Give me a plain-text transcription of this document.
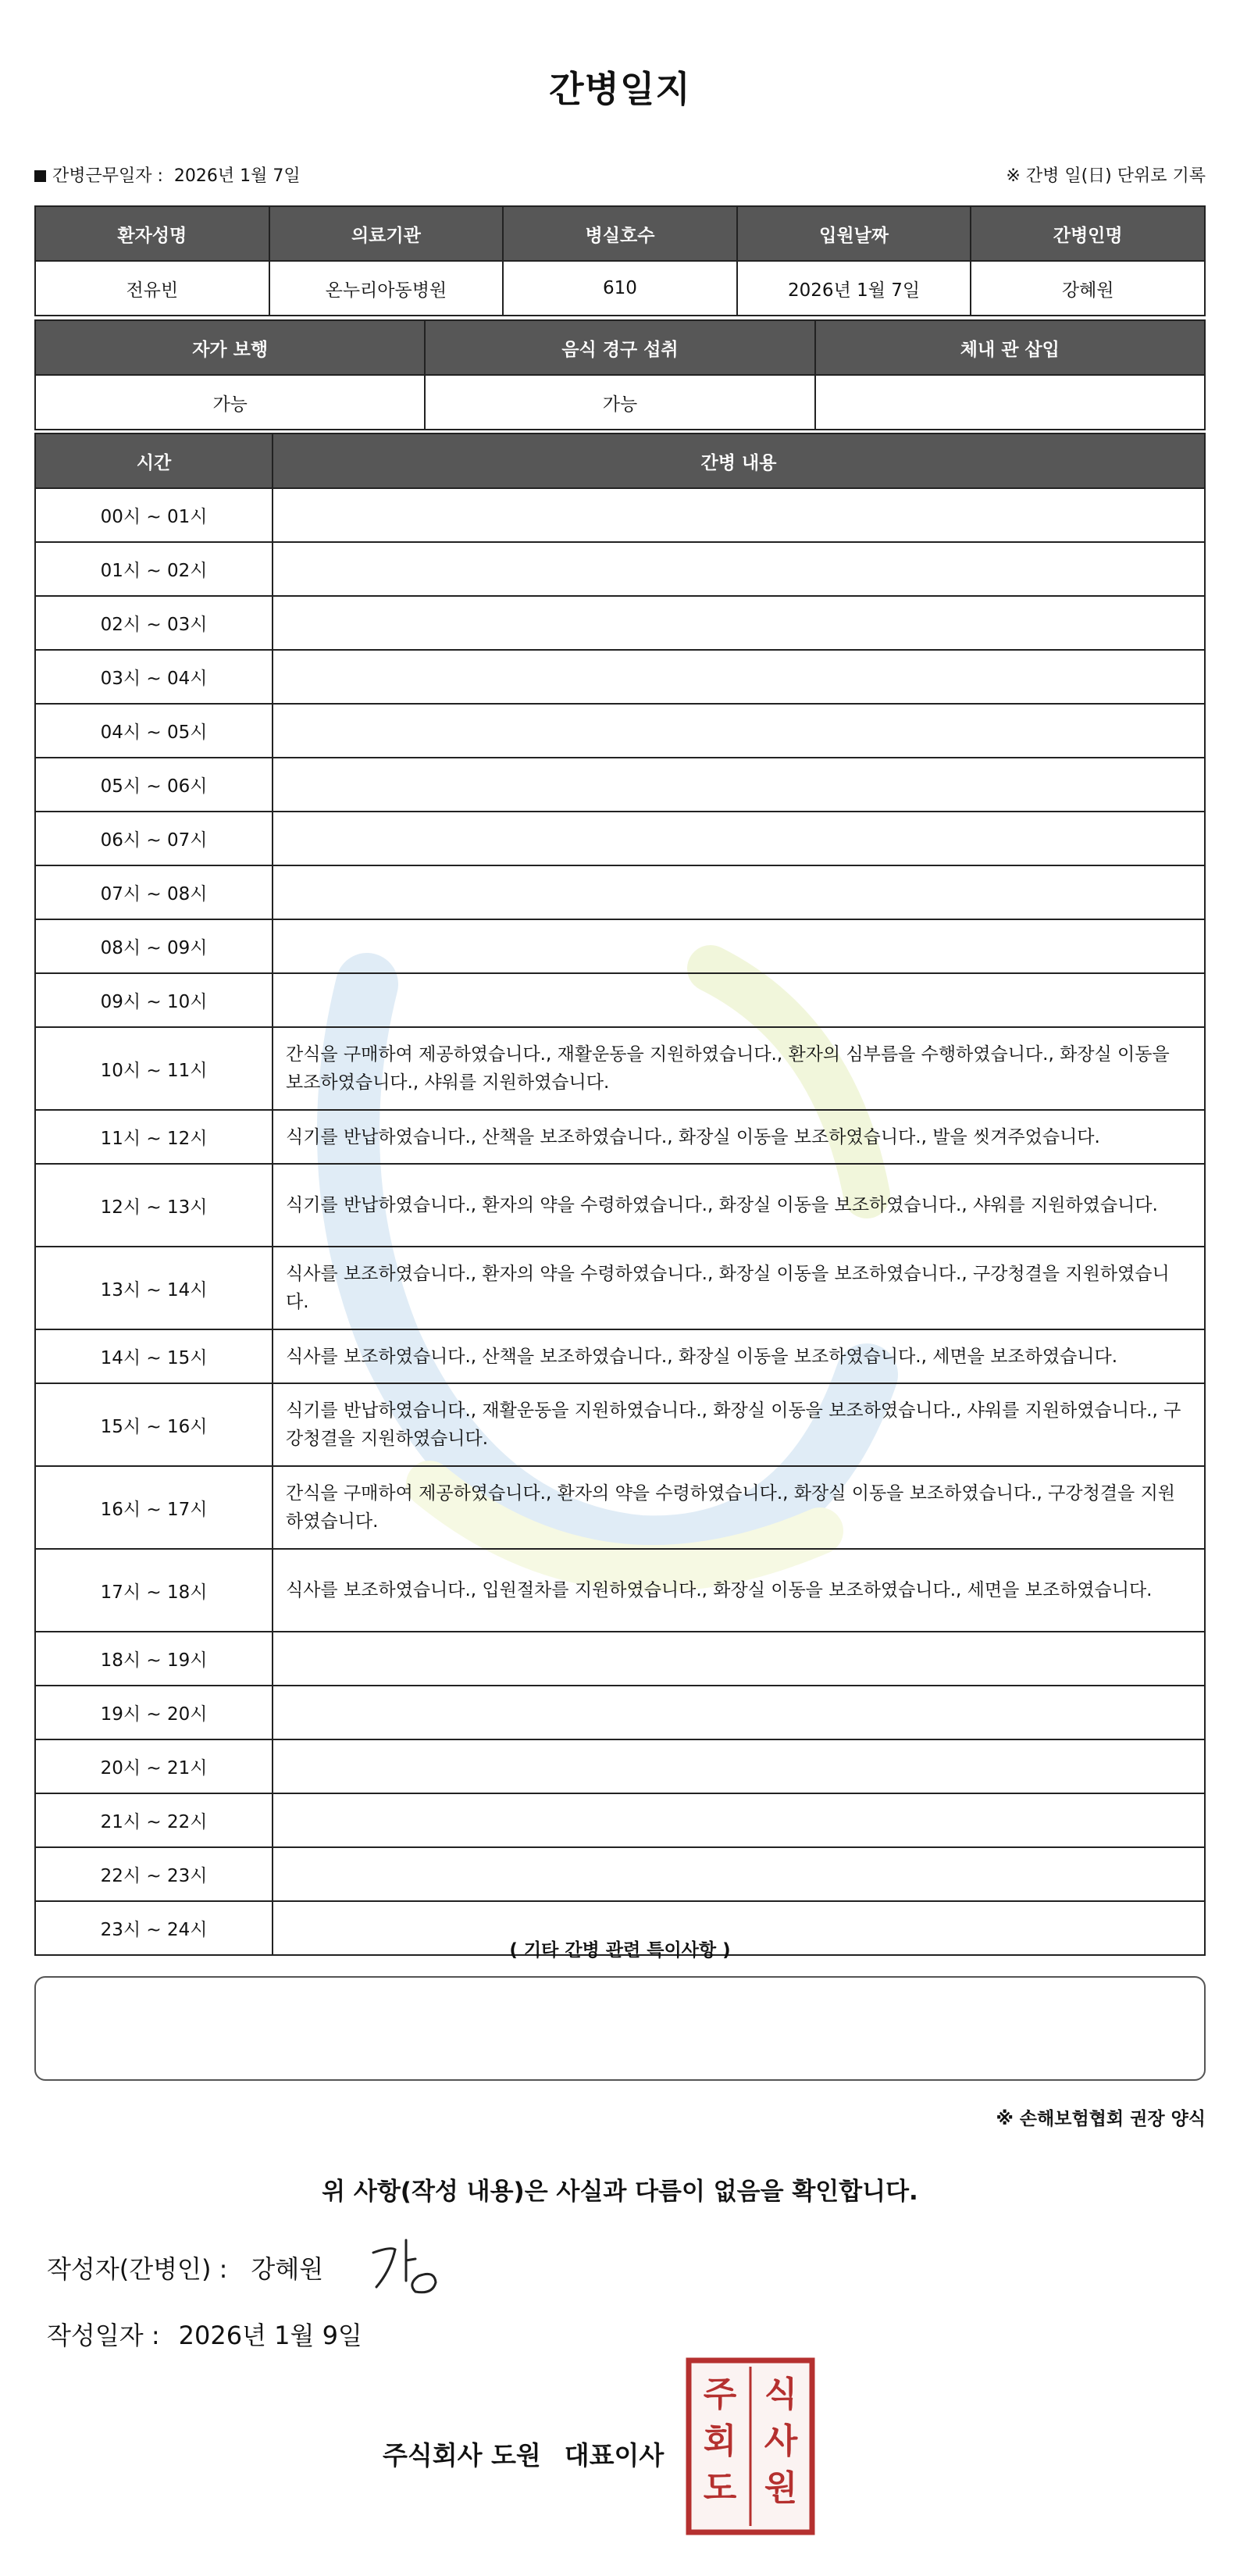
간병일지
간병근무일자 : 2026년 1월 7일	※ 간병 일(日) 단위로 기록
환자성명	의료기관	병실호수	입원날짜	간병인명
전유빈	온누리아동병원	610	2026년 1월 7일	강혜원
자가 보행	음식 경구 섭취	체내 관 삽입
가능	가능	
시간	간병 내용
00시 ~ 01시	
01시 ~ 02시	
02시 ~ 03시	
03시 ~ 04시	
04시 ~ 05시	
05시 ~ 06시	
06시 ~ 07시	
07시 ~ 08시	
08시 ~ 09시	
09시 ~ 10시	
10시 ~ 11시	간식을 구매하여 제공하였습니다., 재활운동을 지원하였습니다., 환자의 심부름을 수행하였습니다., 화장실 이동을 보조하였습니다., 샤워를 지원하였습니다.
11시 ~ 12시	식기를 반납하였습니다., 산책을 보조하였습니다., 화장실 이동을 보조하였습니다., 발을 씻겨주었습니다.
12시 ~ 13시	식기를 반납하였습니다., 환자의 약을 수령하였습니다., 화장실 이동을 보조하였습니다., 샤워를 지원하였습니다.
13시 ~ 14시	식사를 보조하였습니다., 환자의 약을 수령하였습니다., 화장실 이동을 보조하였습니다., 구강청결을 지원하였습니다.
14시 ~ 15시	식사를 보조하였습니다., 산책을 보조하였습니다., 화장실 이동을 보조하였습니다., 세면을 보조하였습니다.
15시 ~ 16시	식기를 반납하였습니다., 재활운동을 지원하였습니다., 화장실 이동을 보조하였습니다., 샤워를 지원하였습니다., 구강청결을 지원하였습니다.
16시 ~ 17시	간식을 구매하여 제공하였습니다., 환자의 약을 수령하였습니다., 화장실 이동을 보조하였습니다., 구강청결을 지원하였습니다.
17시 ~ 18시	식사를 보조하였습니다., 입원절차를 지원하였습니다., 화장실 이동을 보조하였습니다., 세면을 보조하였습니다.
18시 ~ 19시	
19시 ~ 20시	
20시 ~ 21시	
21시 ~ 22시	
22시 ~ 23시	
23시 ~ 24시	
( 기타 간병 관련 특이사항 )
※ 손해보험협회 권장 양식
위 사항(작성 내용)은 사실과 다름이 없음을 확인합니다.
작성자(간병인) : 강혜원
작성일자 : 2026년 1월 9일
주식회사 도원 대표이사
주 식
회 사
도 원
